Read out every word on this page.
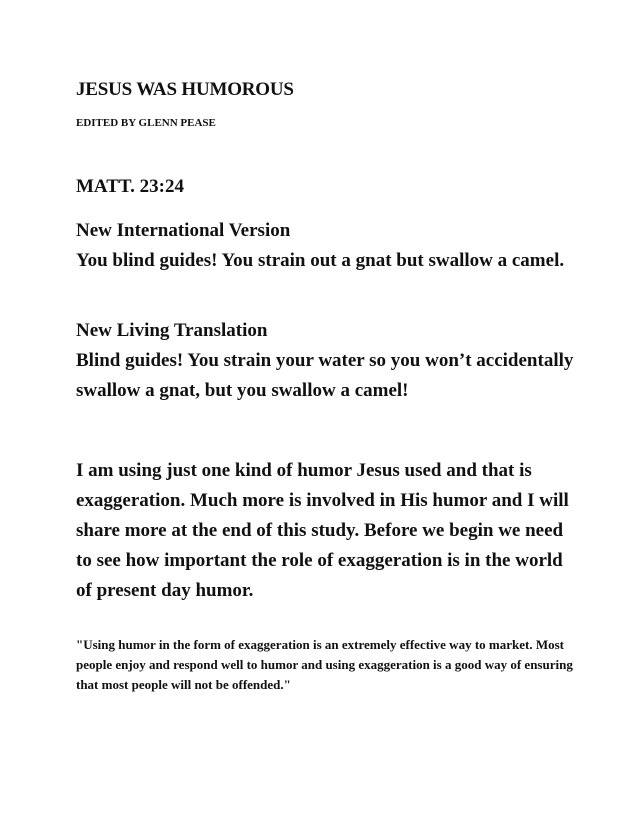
JESUS WAS HUMOROUS

EDITED BY GLENN PEASE

MATT. 23:24

New International Version

You blind guides! You strain out a gnat but swallow a camel.

New Living Translation

Blind guides! You strain your water so you won’t accidentally swallow a gnat, but you swallow a camel!

I am using just one kind of humor Jesus used and that is exaggeration. Much more is involved in His humor and I will share more at the end of this study. Before we begin we need to see how important the role of exaggeration is in the world of present day humor.

"Using humor in the form of exaggeration is an extremely effective way to market. Most people enjoy and respond well to humor and using exaggeration is a good way of ensuring that most people will not be offended."
